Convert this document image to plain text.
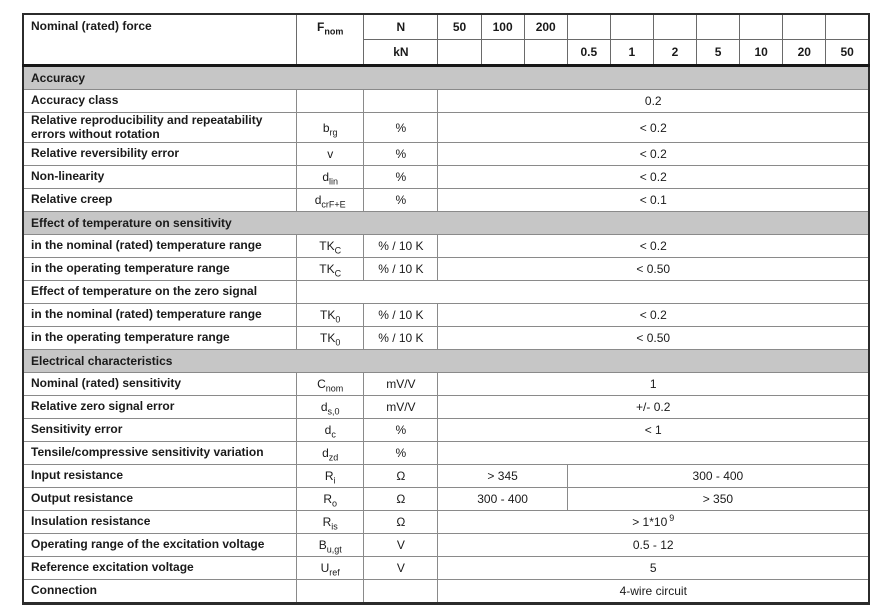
Nominal (rated) force	$F_{nom}$	N	50	100	200							
		kN				0.5	1	2	5	10	20	50
Accuracy												
Accuracy class			0.2									
Relative reproducibility and repeatability errors without rotation	$b_{rg}$	%	< 0.2									
Relative reversibility error	v	%	< 0.2									
Non-linearity	$d_{lin}$	%	< 0.2									
Relative creep	$d_{crF+E}$	%	< 0.1									
Effect of temperature on sensitivity												
in the nominal (rated) temperature range	$TK_C$	% / 10 K	< 0.2									
in the operating temperature range	$TK_C$	% / 10 K	< 0.50									
Effect of temperature on the zero signal												
in the nominal (rated) temperature range	$TK_0$	% / 10 K	< 0.2									
in the operating temperature range	$TK_0$	% / 10 K	< 0.50									
Electrical characteristics												
Nominal (rated) sensitivity	$C_{nom}$	mV/V	1									
Relative zero signal error	$d_{s,0}$	mV/V	+/- 0.2									
Sensitivity error	$d_c$	%	< 1									
Tensile/compressive sensitivity variation	$d_{zd}$	%										
Input resistance	$R_i$	Ω	> 345			300 - 400						
Output resistance	$R_o$	Ω	300 - 400			> 350						
Insulation resistance	$R_{is}$	Ω	> 1*10 $^9$
Operating range of the excitation voltage	$B_{u,gt}$	V	0.5 - 12									
Reference excitation voltage	$U_{ref}$	V	5									
Connection			4-wire circuit									
